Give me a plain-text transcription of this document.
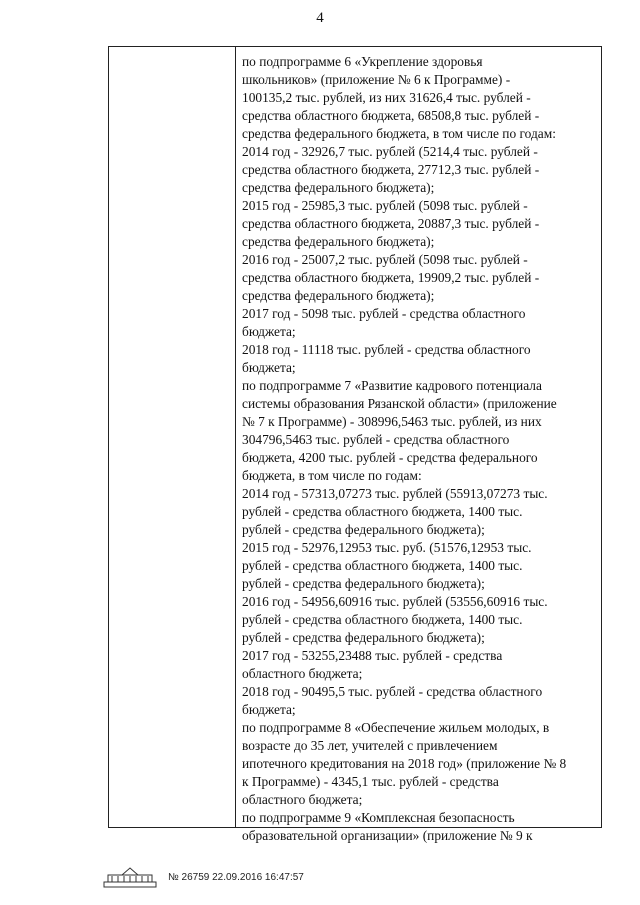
4
по подпрограмме 6 «Укрепление здоровья
школьников» (приложение № 6 к Программе) -
100135,2 тыс. рублей, из них 31626,4 тыс. рублей -
средства областного бюджета, 68508,8 тыс. рублей -
средства федерального бюджета, в том числе по годам:
2014 год - 32926,7 тыс. рублей (5214,4 тыс. рублей -
средства областного бюджета, 27712,3 тыс. рублей -
средства федерального бюджета);
2015 год - 25985,3 тыс. рублей (5098 тыс. рублей -
средства областного бюджета, 20887,3 тыс. рублей -
средства федерального бюджета);
2016 год - 25007,2 тыс. рублей (5098 тыс. рублей -
средства областного бюджета, 19909,2 тыс. рублей -
средства федерального бюджета);
2017 год - 5098 тыс. рублей - средства областного
бюджета;
2018 год - 11118 тыс. рублей - средства областного
бюджета;
по подпрограмме 7 «Развитие кадрового потенциала
системы образования Рязанской области» (приложение
№ 7 к Программе) - 308996,5463 тыс. рублей, из них
304796,5463 тыс. рублей - средства областного
бюджета, 4200 тыс. рублей - средства федерального
бюджета, в том числе по годам:
2014 год - 57313,07273 тыс. рублей (55913,07273 тыс.
рублей - средства областного бюджета, 1400 тыс.
рублей - средства федерального бюджета);
2015 год - 52976,12953 тыс. руб. (51576,12953 тыс.
рублей - средства областного бюджета, 1400 тыс.
рублей - средства федерального бюджета);
2016 год - 54956,60916 тыс. рублей (53556,60916 тыс.
рублей - средства областного бюджета, 1400 тыс.
рублей - средства федерального бюджета);
2017 год - 53255,23488 тыс. рублей - средства
областного бюджета;
2018 год - 90495,5 тыс. рублей - средства областного
бюджета;
по подпрограмме 8 «Обеспечение жильем молодых, в
возрасте до 35 лет, учителей с привлечением
ипотечного кредитования на 2018 год» (приложение № 8
к Программе) - 4345,1 тыс. рублей - средства
областного бюджета;
по подпрограмме 9 «Комплексная безопасность
образовательной организации» (приложение № 9 к
№ 26759 22.09.2016 16:47:57
